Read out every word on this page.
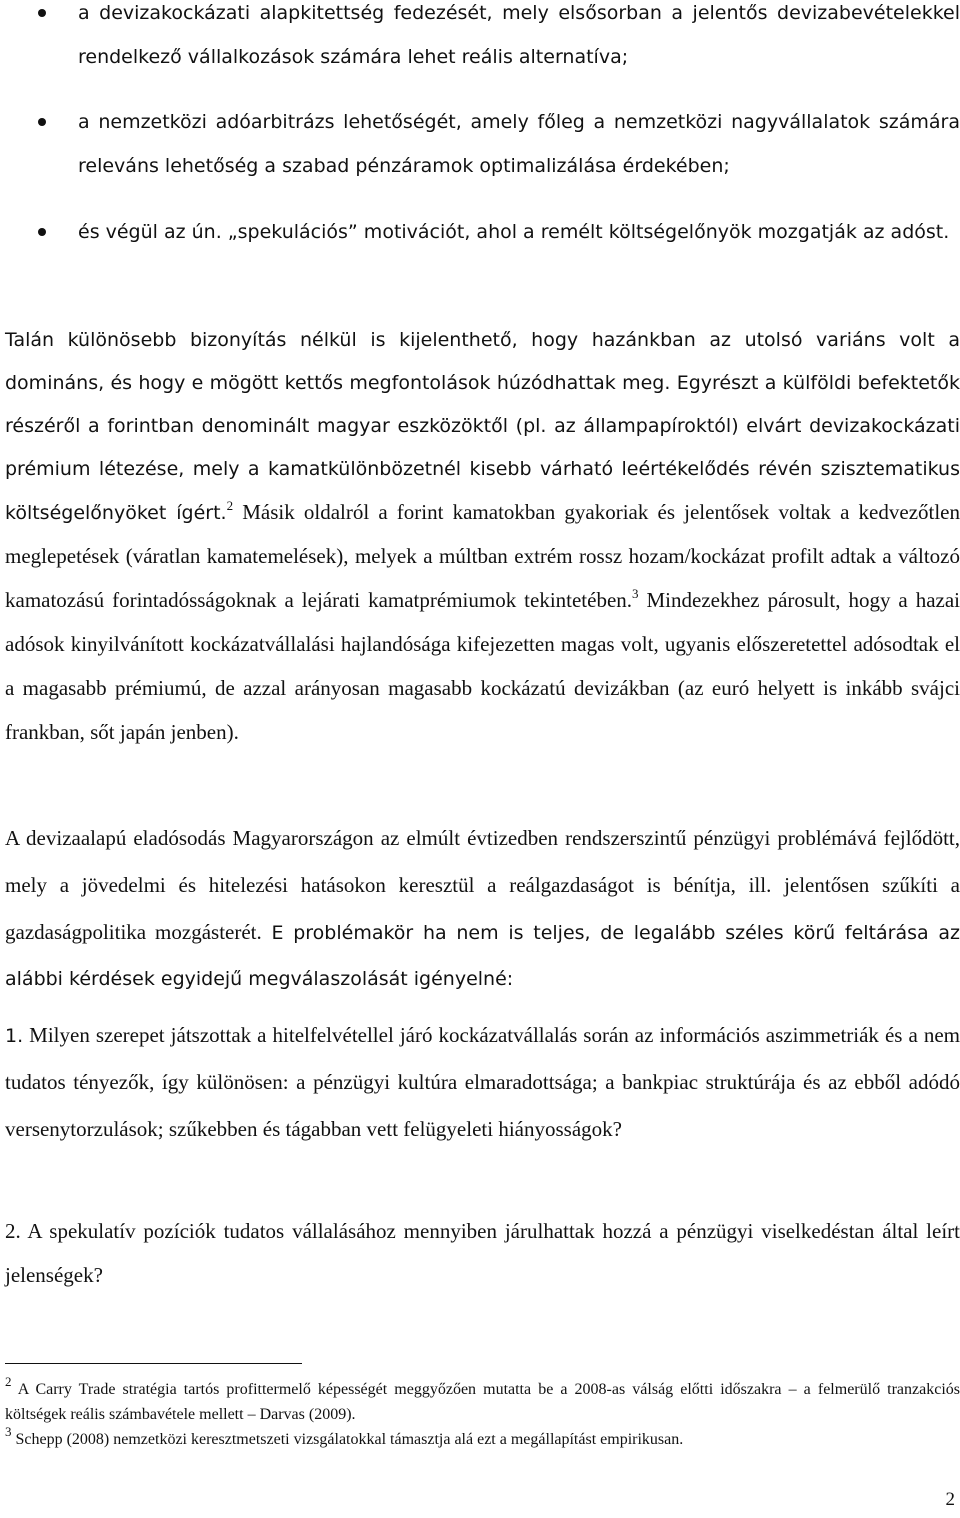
a devizakockázati alapkitettség fedezését, mely elsősorban a jelentős devizabevételekkel rendelkező vállalkozások számára lehet reális alternatíva;
a nemzetközi adóarbitrázs lehetőségét, amely főleg a nemzetközi nagyvállalatok számára releváns lehetőség a szabad pénzáramok optimalizálása érdekében;
és végül az ún. „spekulációs” motivációt, ahol a remélt költségelőnyök mozgatják az adóst.
Talán különösebb bizonyítás nélkül is kijelenthető, hogy hazánkban az utolsó variáns volt a domináns, és hogy e mögött kettős megfontolások húzódhattak meg. Egyrészt a külföldi befektetők részéről a forintban denominált magyar eszközöktől (pl. az állampapíroktól) elvárt devizakockázati prémium létezése, mely a kamatkülönbözetnél kisebb várható leértékelődés révén szisztematikus költségelőnyöket ígért.$^2$ Másik oldalról a forint kamatokban gyakoriak és jelentősek voltak a kedvezőtlen meglepetések (váratlan kamatemelések), melyek a múltban extrém rossz hozam/kockázat profilt adtak a változó kamatozású forintadósságoknak a lejárati kamatprémiumok tekintetében.$^3$ Mindezekhez párosult, hogy a hazai adósok kinyilvánított kockázatvállalási hajlandósága kifejezetten magas volt, ugyanis előszeretettel adósodtak el a magasabb prémiumú, de azzal arányosan magasabb kockázatú devizákban (az euró helyett is inkább svájci frankban, sőt japán jenben).
A devizaalapú eladósodás Magyarországon az elmúlt évtizedben rendszerszintű pénzügyi problémává fejlődött, mely a jövedelmi és hitelezési hatásokon keresztül a reálgazdaságot is bénítja, ill. jelentősen szűkíti a gazdaságpolitika mozgásterét. E problémakör ha nem is teljes, de legalább széles körű feltárása az alábbi kérdések egyidejű megválaszolását igényelné:
1. Milyen szerepet játszottak a hitelfelvétellel járó kockázatvállalás során az információs aszimmetriák és a nem tudatos tényezők, így különösen: a pénzügyi kultúra elmaradottsága; a bankpiac struktúrája és az ebből adódó versenytorzulások; szűkebben és tágabban vett felügyeleti hiányosságok?
2. A spekulatív pozíciók tudatos vállalásához mennyiben járulhattak hozzá a pénzügyi viselkedéstan által leírt jelenségek?

$^2$ A Carry Trade stratégia tartós profittermelő képességét meggyőzően mutatta be a 2008-as válság előtti időszakra – a felmerülő tranzakciós költségek reális számbavétele mellett – Darvas (2009).

$^3$ Schepp (2008) nemzetközi keresztmetszeti vizsgálatokkal támasztja alá ezt a megállapítást empirikusan.

2
